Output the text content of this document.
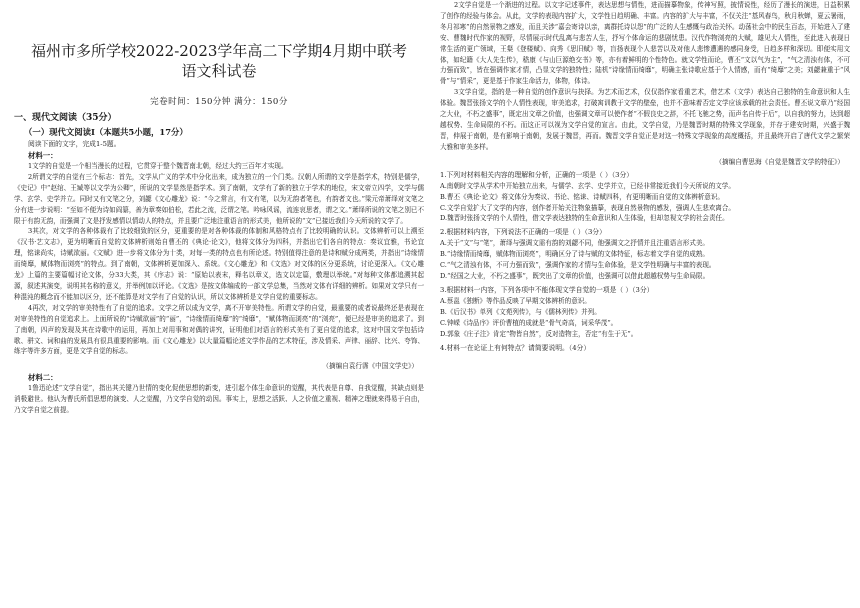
福州市多所学校2022-2023学年高二下学期4月期中联考

语文科试卷

完卷时间：150分钟 满分：150分
一、现代文阅读（35分）
（一）现代文阅读Ⅰ（本题共5小题，17分）
阅读下面的文字，完成1-5题。
材料一：

1文学的自觉是一个相当漫长的过程，它贯穿于整个魏晋南北朝，经过大约三百年才实现。

2所谓文学的自觉有三个标志：首先，文学从广义的学术中分化出来，成为独立的一个门类。汉朝人所谓的文学是指学术，特别是儒学，《史记》中“赵绾、王臧等以文学为公卿”，所说的文学显然是指学术。到了南朝，文学有了新的独立于学术的地位，宋文帝立四学，文学与儒学、玄学、史学并立。同时又有文笔之分，刘勰《文心雕龙》说：“今之常言，有文有笔，以为无韵者笔也，有韵者文也。”梁元帝萧绎对文笔之分有进一步说明：“至如不便为诗如阎纂，善为章奏如伯松，若此之流，泛谓之笔。吟咏风谣，流连哀思者，谓之文。”萧绎所说的文笔之别已不限于有韵无韵，而强调了文是抒发感情以情动人的特点，并且要广泛地注重语言的形式美，他所说的“文”已接近我们今天所说的文学了。

3其次，对文学的各种体裁有了比较细致的区分，更重要的是对各种体裁的体制和风格特点有了比较明确的认识。文体辨析可以上溯至《汉书·艺文志》，更为明晰而自觉的文体辨析则始自曹丕的《典论·论文》，他将文体分为四科，并指出它们各自的特点：奏议宜雅，书论宜理，铭诔尚实，诗赋欲丽。《文赋》进一步将文体分为十类，对每一类的特点也有所论述。特别值得注意的是诗和赋分成两类，并指出“诗缘情而绮靡，赋体物而浏亮”的特点。到了南朝，文体辨析更加深入、系统。《文心雕龙》和《文选》对文体的区分更系统，讨论更深入。《文心雕龙》上篇的主要篇幅讨论文体，分33大类，其《序志》说：“原始以表末，释名以章义，选文以定篇，敷理以举统。”对每种文体都追溯其起源，叙述其演变，说明其名称的意义，并举例加以评论。《文选》是按文体编成的一部文学总集，当然对文体有详细的辨析。如果对文学只有一种混沌的概念而不能加以区分，还不能算是对文学有了自觉的认识，所以文体辨析是文学自觉的重要标志。

4再次，对文学的审美特性有了自觉的追求。文学之所以成为文学，离不开审美特性。所谓文学的自觉，最重要的或者说最终还是表现在对审美特性的自觉追求上。上面所说的“诗赋欲丽”的“丽”，“诗缘情而绮靡”的“绮靡”，“赋体物而浏亮”的“浏亮”，便已经是审美的追求了。到了南朝，四声的发现及其在诗歌中的运用，再加上对用事和对偶的讲究，证明他们对语言的形式美有了更自觉的追求，这对中国文学包括诗歌、骈文、词和曲的发展具有很具重要的影响。而《文心雕龙》以大量篇幅论述文学作品的艺术特征，涉及情采、声律、丽辞、比兴、夸饰、练字等许多方面，更是文学自觉的标志。

（摘编自袁行霈《中国文学史》）
材料二：

1鲁迅论述“文学自觉”，指出其关键乃世情的变化促使思想的新变，进引起个体生命意识的觉醒，其代表是自尊、自我觉醒，其缺点则是消极避世。他认为曹氏所倡思想的演变、人之觉醒，乃文学自觉的动因。事实上，思想之活跃、人之价值之重视、精神之理就来得易于自由，乃文学自觉之前提。

2文学自觉是一个渐进的过程。以文字记述事件，表达思想与情性，进而描摹物象，传神写照，披情说性，经历了漫长的演进，日益积累了创作的经验与体会。从此，文学的表现内容扩大，文学性日趋明确、丰富。内容的扩大与丰富，不仅关注“基风春鸟，秋月秋蝉，夏云暑雨，冬月祁寒”的自然景物之感发，而且关涉“嘉会寄诗以亲，离群托诗以怨”的广泛的人生感慨与政治关怀。动荡社会中的民生百态，开始进入了建安、曹魏时代作家的视野，尽情展示时代乱离与悲苦人生，抒写个体命运的悲剧忧患。汉代作物浏亮的大赋，雄见大人情性，至此进入表现日常生活的更广领域，王粲《登楼赋》、向秀《思旧赋》等，盲扬表现个人悲苦以及对他人悲惨遭遇的感同身受，日趋多样和深切。即便实用文体，如纪籍《大人先生传》，嵇康《与山巨源绝交书》等，亦有着鲜明的个性特色。就文学性而论，曹丕“文以气为主”，“气之清浊有体，不可力强而致”，皆在强调作家才情，凸显文学的独特性；陆机“诗缘情而绮靡”，明确主张诗歌应基于个人情感，而有“绮靡”之美；刘勰兼重于“风骨”与“情采”，更是基于作家生命活力，体物，体诗。

3文学自觉，指的是一种自觉的创作意识与抉择。为艺术而艺术，仅仅指作家看重艺术，借艺术（文学）表达自己独特的生命意识和人生体验。魏晋张扬文学的个人情性表现，审美追求，打破寓训教于文学的壁垒，也并不意味着否定文学应该承载的社会责任。曹丕说文章乃“经国之大业，不朽之盛事”，既定出文章之价值，也强调文章可以使作者“不假良史之辞，不托飞驰之势，而声名自传于后”，以自我的努力，达到超越权势、生命局限的不朽。而这正可以视为文学自觉的宣言。由此，文学自觉，乃是魏晋时期的特殊文学现象，并存于建安时期，兴盛于魏晋，伸展于南朝，是有影响于南朝，发展于魏晋，再而。魏晋文学自觉正是对这一特殊文学现象的高度概括，并且最终开启了唐代文学之繁荣大雅和审美多样。

（摘编自曹思海《自觉是魏晋文学的特征》）
1.下列对材料相关内容的理解和分析，正确的一项是（ ）（3分）
A.南朝时文学从学术中开始独立出来，与儒学、玄学、史学并立，已经非常接近我们今天所说的文学。
B.曹丕《典论·论文》将文体分为奏议、书论、铭诔、诗赋四科，有更明晰而自觉的文体辨析意识。
C.文学自觉扩大了文学的内容，创作者开始关注物象描摹，表现自然景物的感发，强调人生悲欢离合。
D.魏晋时张扬文学的个人情性，借文学表达独特的生命意识和人生体验，但却忽视文学的社会责任。
2.根据材料内容，下列说法不正确的一项是（ ）（3分）
A.关于“文”与“笔”，萧绎与强调文需有韵的刘勰不同，他强调文之抒情并且注重语言形式美。
B.“诗缘情而绮靡，赋体物而浏亮”，明确区分了诗与赋的文体特征，标志着文学自觉的成熟。
C.“气之清浊有体，不可力强而致”，强调作家的才情与生命体验，是文学性明确与丰富的表现。
D.“经国之大业，不朽之盛事”，既突出了文章的价值，也强调可以借此超越权势与生命局限。
3.根据材料一内容，下列各项中不能体现文学自觉的一项是（ ）（3分）
A.蔡邕《独断》等作品反映了早期文体辨析的意识。
B.《后汉书》单列《文苑列传》，与《儒林列传》并列。
C.钟嵘《诗品序》评价曹植的成就是“骨气奇高，词采华茂”。
D.郭象《庄子注》肯定“物皆自然”，反对造物主，否定“有生于无”。
4.材料一在论证上有何特点？请简要说明。（4分）
